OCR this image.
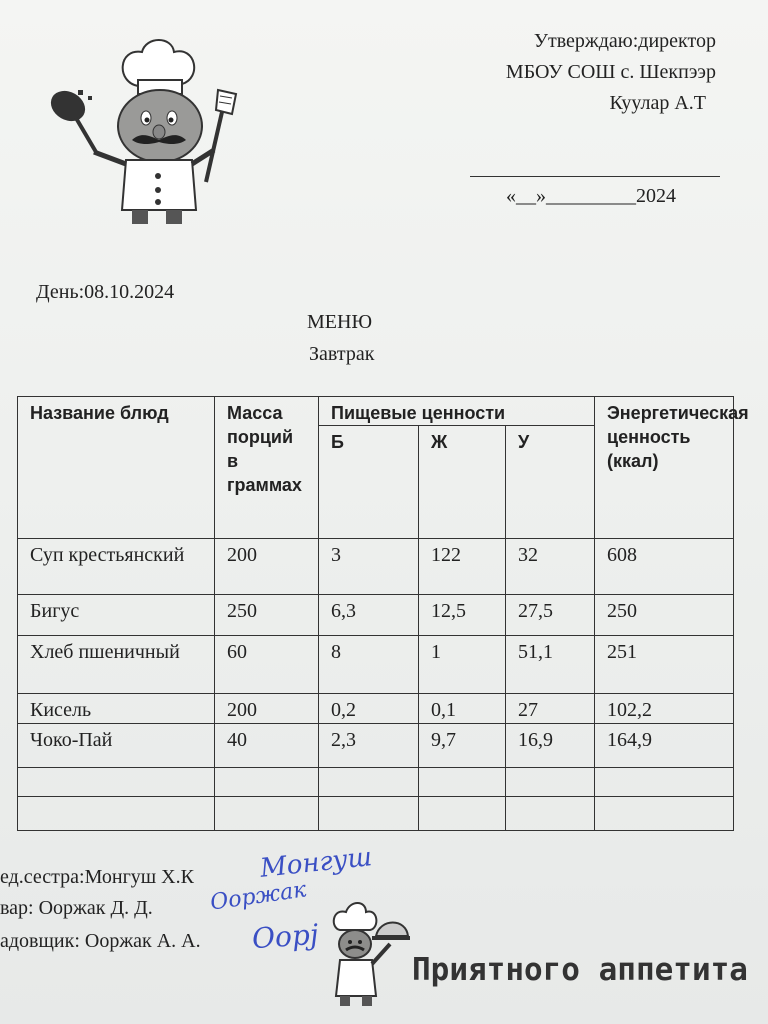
Утверждаю:директор
МБОУ СОШ с. Шекпээр
Куулар А.Т
«__»_________2024
День:08.10.2024
МЕНЮ
Завтрак
Название блюд	Масса порций в граммах	Пищевые ценности			Энергетическая ценность (ккал)
		Б	Ж	У	
Суп крестьянский	200	3	122	32	608
Бигус	250	6,3	12,5	27,5	250
Хлеб пшеничный	60	8	1	51,1	251
Кисель	200	0,2	0,1	27	102,2
Чоко-Пай	40	2,3	9,7	16,9	164,9

ед.сестра:Монгуш Х.К
вар: Ооржак Д. Д.
адовщик: Ооржак А. А.
Монгуш
Ооржак
Оорј
Приятного аппетита
